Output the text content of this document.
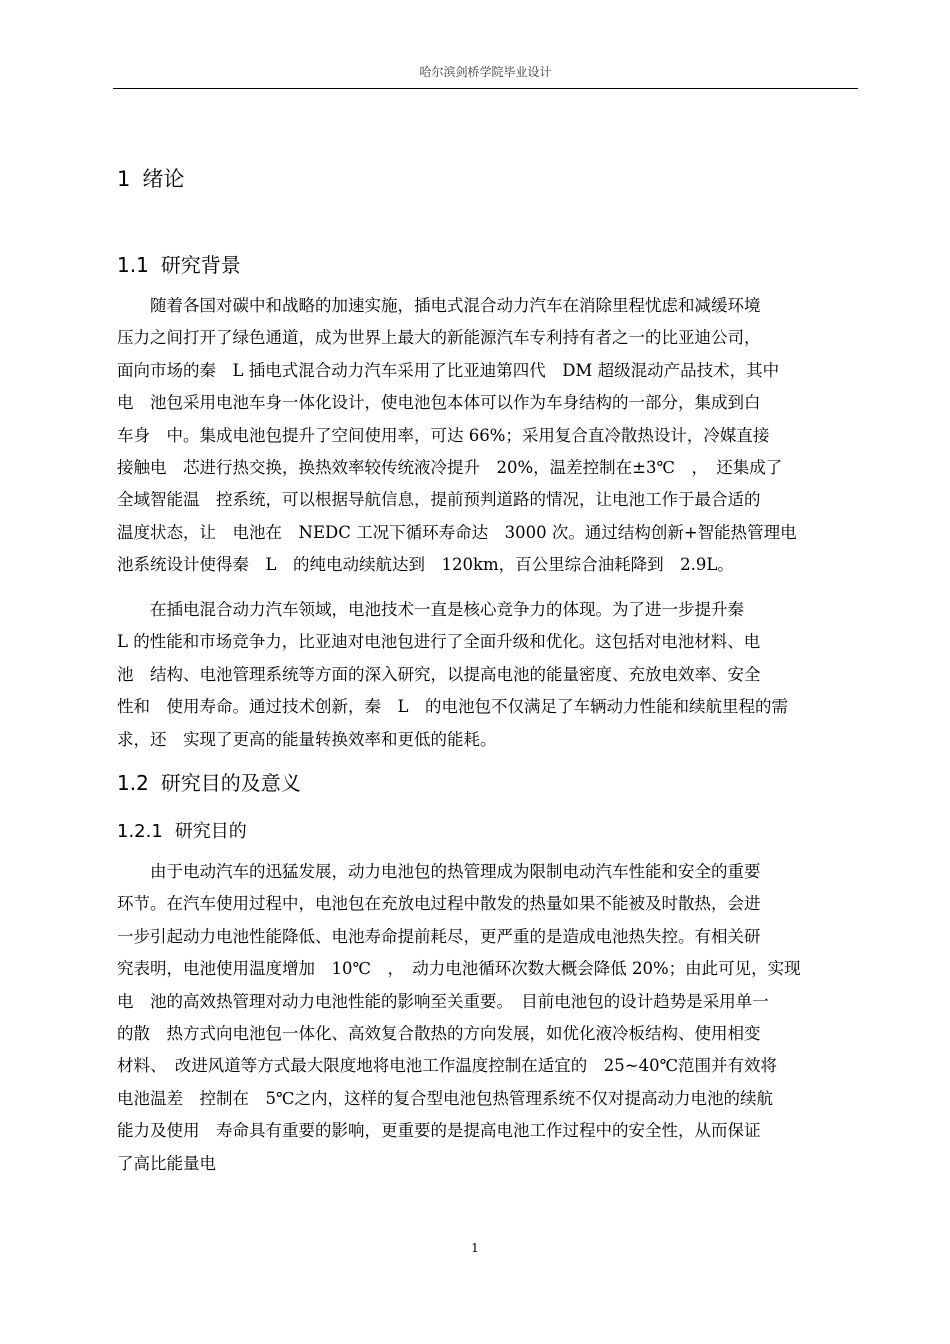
哈尔滨剑桥学院毕业设计
1 绪论
1.1 研究背景
　　随着各国对碳中和战略的加速实施，插电式混合动力汽车在消除里程忧虑和减缓环境
压力之间打开了绿色通道，成为世界上最大的新能源汽车专利持有者之一的比亚迪公司，
面向市场的秦　L 插电式混合动力汽车采用了比亚迪第四代　DM 超级混动产品技术，其中
电　池包采用电池车身一体化设计，使电池包本体可以作为车身结构的一部分，集成到白
车身　中。集成电池包提升了空间使用率，可达 66%；采用复合直冷散热设计，冷媒直接
接触电　芯进行热交换，换热效率较传统液冷提升　20%，温差控制在±3℃　，　还集成了
全域智能温　控系统，可以根据导航信息，提前预判道路的情况，让电池工作于最合适的
温度状态，让　电池在　NEDC 工况下循环寿命达　3000 次。通过结构创新+智能热管理电
池系统设计使得秦　L　的纯电动续航达到　120km，百公里综合油耗降到　2.9L。
　　在插电混合动力汽车领域，电池技术一直是核心竞争力的体现。为了进一步提升秦
L 的性能和市场竞争力，比亚迪对电池包进行了全面升级和优化。这包括对电池材料、电
池　结构、电池管理系统等方面的深入研究，以提高电池的能量密度、充放电效率、安全
性和　使用寿命。通过技术创新，秦　L　的电池包不仅满足了车辆动力性能和续航里程的需
求，还　实现了更高的能量转换效率和更低的能耗。
1.2 研究目的及意义
1.2.1 研究目的
　　由于电动汽车的迅猛发展，动力电池包的热管理成为限制电动汽车性能和安全的重要
环节。在汽车使用过程中，电池包在充放电过程中散发的热量如果不能被及时散热，会进
一步引起动力电池性能降低、电池寿命提前耗尽，更严重的是造成电池热失控。有相关研
究表明，电池使用温度增加　10℃　，　动力电池循环次数大概会降低 20%；由此可见，实现
电　池的高效热管理对动力电池性能的影响至关重要。　目前电池包的设计趋势是采用单一
的散　热方式向电池包一体化、高效复合散热的方向发展，如优化液冷板结构、使用相变
材料、　改进风道等方式最大限度地将电池工作温度控制在适宜的　25~40℃范围并有效将
电池温差　控制在　5℃之内，这样的复合型电池包热管理系统不仅对提高动力电池的续航
能力及使用　寿命具有重要的影响，更重要的是提高电池工作过程中的安全性，从而保证
了高比能量电
1
